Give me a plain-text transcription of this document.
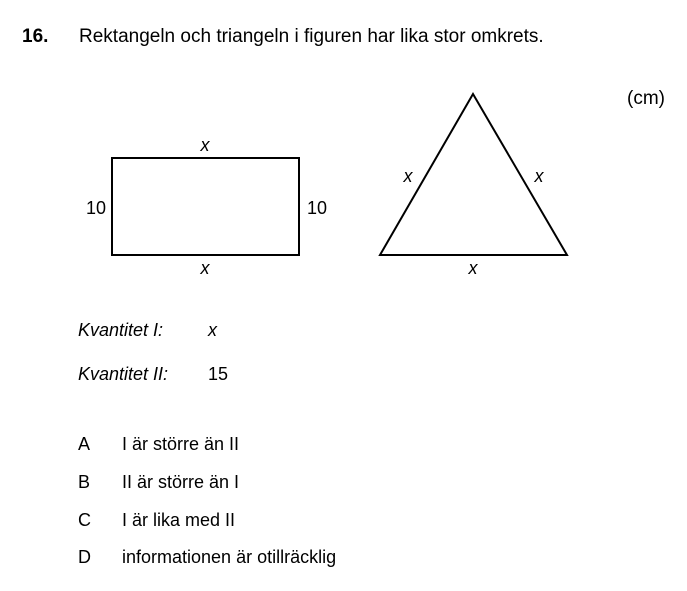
16. Rektangeln och triangeln i figuren har lika stor omkrets.
(cm)
x
x
10	10
x	x
x
Kvantitet I: x
Kvantitet II: 15
A I är större än II
B II är större än I
C I är lika med II
D informationen är otillräcklig
